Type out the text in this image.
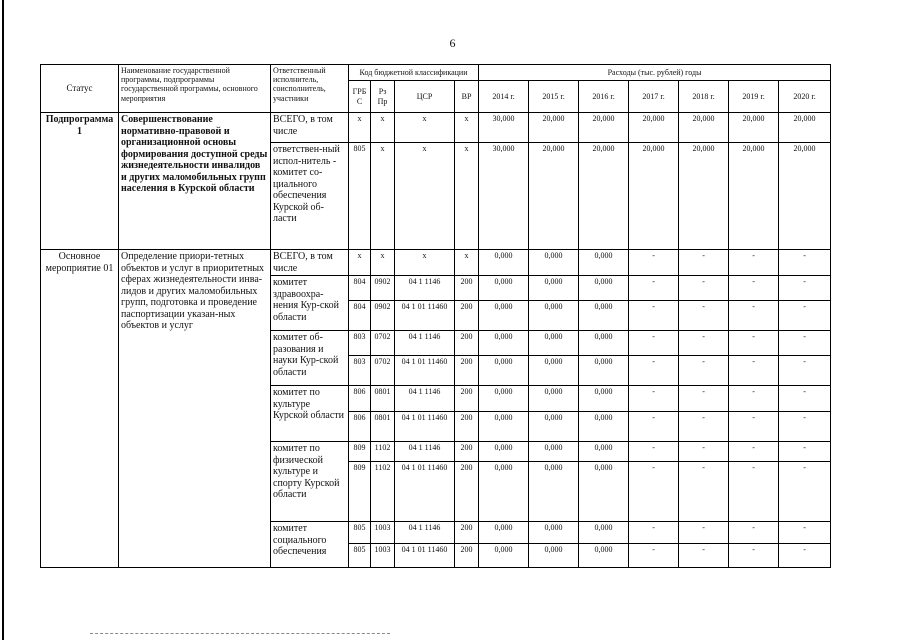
6
Статус	Наименование государственной программы, подпрограммы государственной программы, основного мероприятия	Ответственный исполнитель, соисполнитель, участники	Код бюджетной классификации				Расходы (тыс. рублей) годы						
			ГРБ С	Рз Пр	ЦСР	ВР	2014 г.	2015 г.	2016 г.	2017 г.	2018 г.	2019 г.	2020 г.
Подпрограмма 1	Совершенствование нормативно-правовой и организационной основы формирования доступной среды жизнедеятельности инвалидов и других маломобильных групп населения в Курской области	ВСЕГО, в том числе	х	х	х	х	30,000	20,000	20,000	20,000	20,000	20,000	20,000
		ответствен-ный испол-нитель - комитет со-циального обеспечения Курской об-ласти	805	х	х	х	30,000	20,000	20,000	20,000	20,000	20,000	20,000
Основное мероприятие 01	Определение приори-тетных объектов и услуг в приоритетных сферах жизнедеятельности инва-лидов и других маломобильных групп, подготовка и проведение паспортизации указан-ных объектов и услуг	ВСЕГО, в том числе	х	х	х	х	0,000	0,000	0,000	-	-	-	-
		комитет здравоохра-нения Кур-ской области	804	0902	04 1 1146	200	0,000	0,000	0,000	-	-	-	-
			804	0902	04 1 01 11460	200	0,000	0,000	0,000	-	-	-	-
		комитет об-разования и науки Кур-ской области	803	0702	04 1 1146	200	0,000	0,000	0,000	-	-	-	-
			803	0702	04 1 01 11460	200	0,000	0,000	0,000	-	-	-	-
		комитет по культуре Курской области	806	0801	04 1 1146	200	0,000	0,000	0,000	-	-	-	-
			806	0801	04 1 01 11460	200	0,000	0,000	0,000	-	-	-	-
		комитет по физической культуре и спорту Курской области	809	1102	04 1 1146	200	0,000	0,000	0,000	-	-	-	-
			809	1102	04 1 01 11460	200	0,000	0,000	0,000	-	-	-	-
		комитет социального обеспечения	805	1003	04 1 1146	200	0,000	0,000	0,000	-	-	-	-
			805	1003	04 1 01 11460	200	0,000	0,000	0,000	-	-	-	-
